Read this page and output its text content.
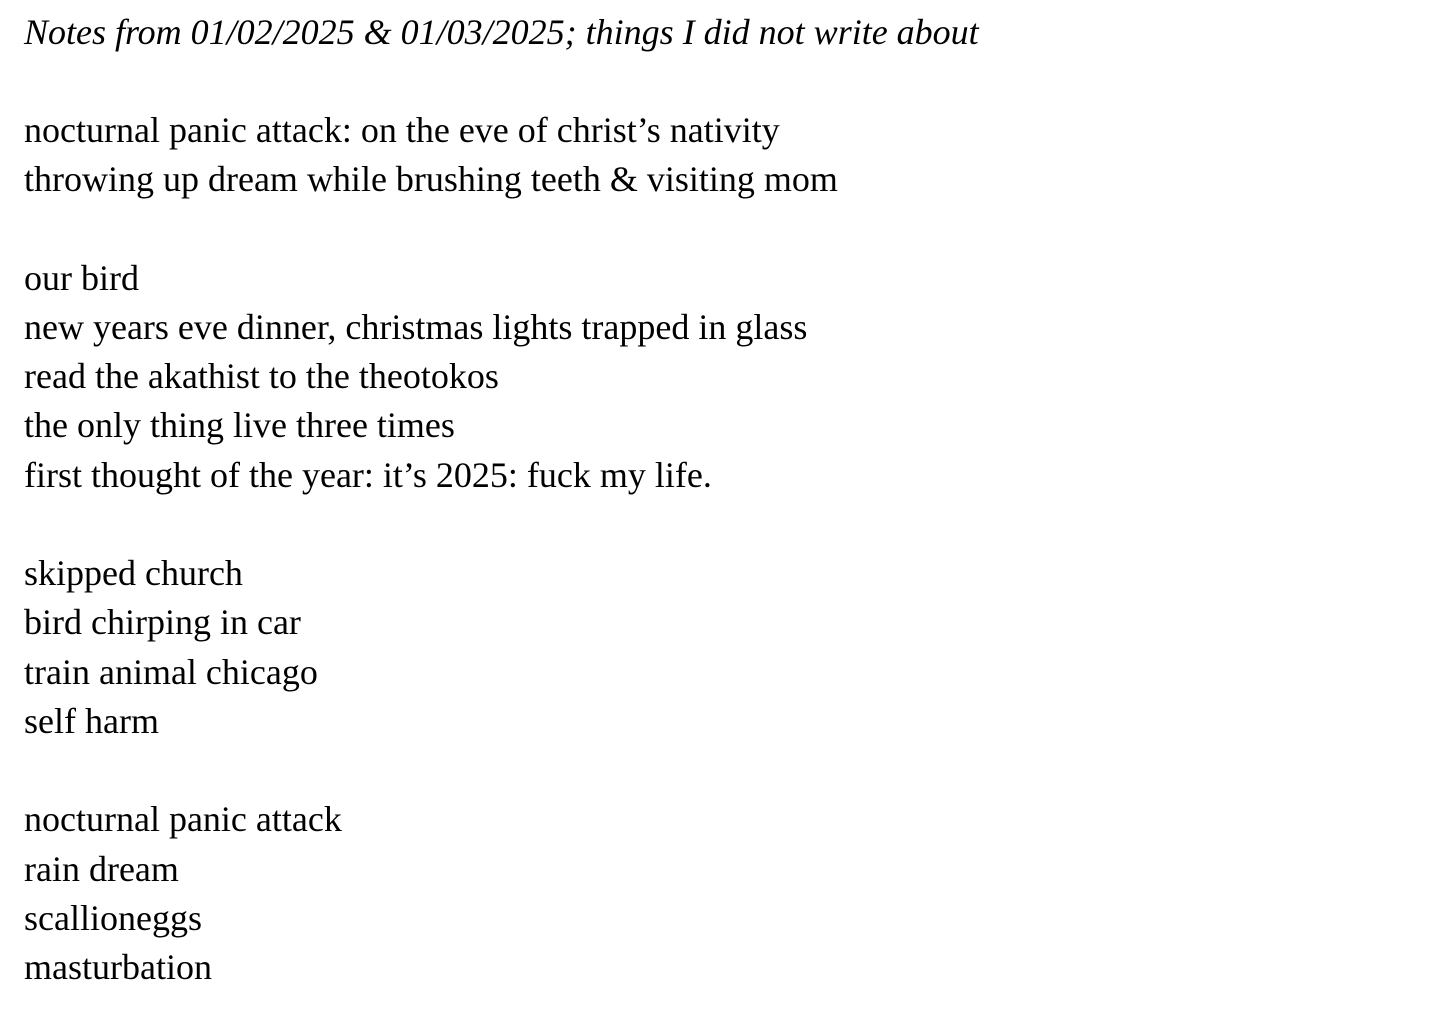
Notes from 01/02/2025 & 01/03/2025; things I did not write about
nocturnal panic attack: on the eve of christ’s nativity
throwing up dream while brushing teeth & visiting mom
our bird
new years eve dinner, christmas lights trapped in glass
read the akathist to the theotokos
the only thing live three times
first thought of the year: it’s 2025: fuck my life.
skipped church
bird chirping in car
train animal chicago
self harm
nocturnal panic attack
rain dream
scallioneggs
masturbation
